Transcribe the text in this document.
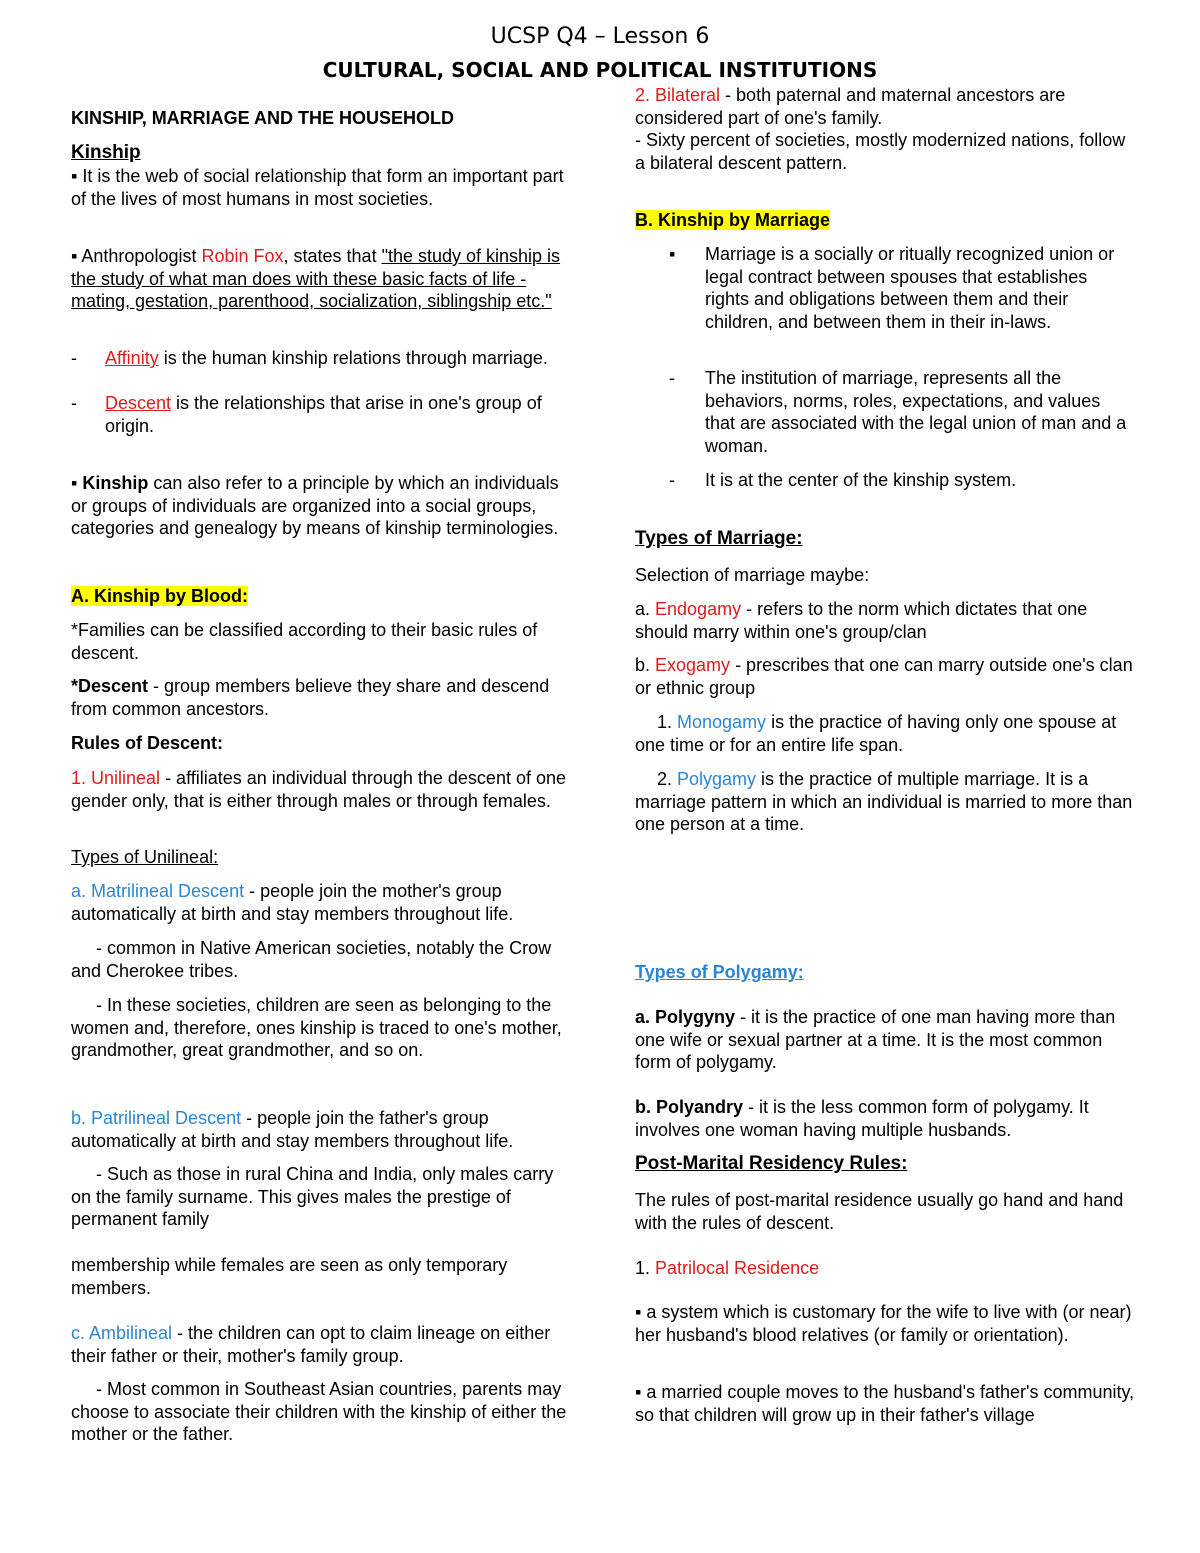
UCSP Q4 – Lesson 6
CULTURAL, SOCIAL AND POLITICAL INSTITUTIONS

KINSHIP, MARRIAGE AND THE HOUSEHOLD

Kinship

▪ It is the web of social relationship that form an important part of the lives of most humans in most societies.

▪ Anthropologist Robin Fox, states that "the study of kinship is the study of what man does with these basic facts of life - mating, gestation, parenthood, socialization, siblingship etc."

- Affinity is the human kinship relations through marriage.
- Descent is the relationships that arise in one's group of origin.

▪ Kinship can also refer to a principle by which an individuals or groups of individuals are organized into a social groups, categories and genealogy by means of kinship terminologies.

A. Kinship by Blood:

*Families can be classified according to their basic rules of descent.

*Descent - group members believe they share and descend from common ancestors.

Rules of Descent:

1. Unilineal - affiliates an individual through the descent of one gender only, that is either through males or through females.

Types of Unilineal:

a. Matrilineal Descent - people join the mother's group automatically at birth and stay members throughout life.

- common in Native American societies, notably the Crow and Cherokee tribes.

- In these societies, children are seen as belonging to the women and, therefore, ones kinship is traced to one's mother, grandmother, great grandmother, and so on.

b. Patrilineal Descent - people join the father's group automatically at birth and stay members throughout life.

- Such as those in rural China and India, only males carry on the family surname. This gives males the prestige of permanent family

membership while females are seen as only temporary members.

c. Ambilineal - the children can opt to claim lineage on either their father or their, mother's family group.

- Most common in Southeast Asian countries, parents may choose to associate their children with the kinship of either the mother or the father.

2. Bilateral - both paternal and maternal ancestors are considered part of one's family.

- Sixty percent of societies, mostly modernized nations, follow a bilateral descent pattern.

B. Kinship by Marriage

▪ Marriage is a socially or ritually recognized union or legal contract between spouses that establishes rights and obligations between them and their children, and between them in their in-laws.
- The institution of marriage, represents all the behaviors, norms, roles, expectations, and values that are associated with the legal union of man and a woman.
- It is at the center of the kinship system.

Types of Marriage:

Selection of marriage maybe:

a. Endogamy - refers to the norm which dictates that one should marry within one's group/clan

b. Exogamy - prescribes that one can marry outside one's clan or ethnic group

1. Monogamy is the practice of having only one spouse at one time or for an entire life span.

2. Polygamy is the practice of multiple marriage. It is a marriage pattern in which an individual is married to more than one person at a time.

Types of Polygamy:

a. Polygyny - it is the practice of one man having more than one wife or sexual partner at a time. It is the most common form of polygamy.

b. Polyandry - it is the less common form of polygamy. It involves one woman having multiple husbands.

Post-Marital Residency Rules:

The rules of post-marital residence usually go hand and hand with the rules of descent.

1. Patrilocal Residence

▪ a system which is customary for the wife to live with (or near) her husband's blood relatives (or family or orientation).

▪ a married couple moves to the husband's father's community, so that children will grow up in their father's village
